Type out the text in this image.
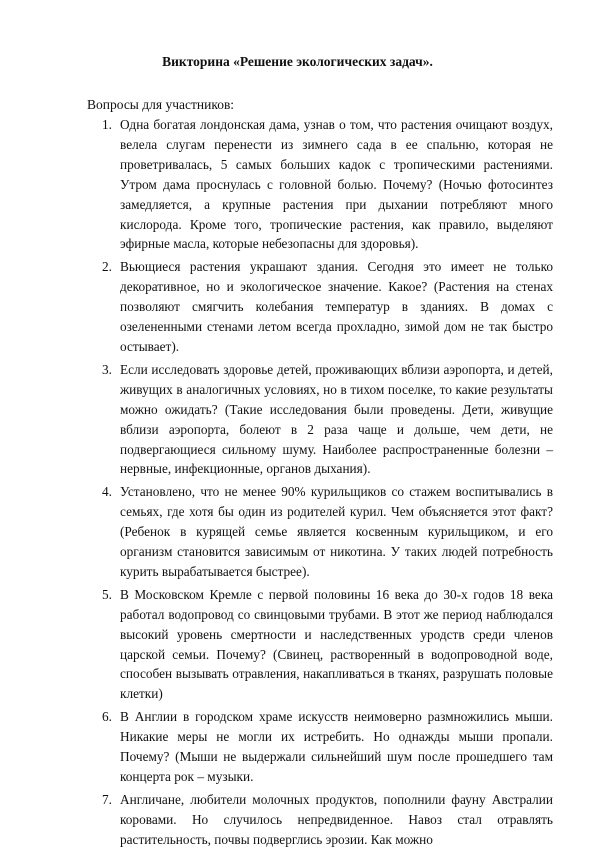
Викторина «Решение экологических задач».
Вопросы для участников:
1. Одна богатая лондонская дама, узнав о том, что растения очищают воздух, велела слугам перенести из зимнего сада в ее спальню, которая не проветривалась, 5 самых больших кадок с тропическими растениями. Утром дама проснулась с головной болью. Почему? (Ночью фотосинтез замедляется, а крупные растения при дыхании потребляют много кислорода. Кроме того, тропические растения, как правило, выделяют эфирные масла, которые небезопасны для здоровья).
2. Вьющиеся растения украшают здания. Сегодня это имеет не только декоративное, но и экологическое значение. Какое? (Растения на стенах позволяют смягчить колебания температур в зданиях. В домах с озелененными стенами летом всегда прохладно, зимой дом не так быстро остывает).
3. Если исследовать здоровье детей, проживающих вблизи аэропорта, и детей, живущих в аналогичных условиях, но в тихом поселке, то какие результаты можно ожидать? (Такие исследования были проведены. Дети, живущие вблизи аэропорта, болеют в 2 раза чаще и дольше, чем дети, не подвергающиеся сильному шуму. Наиболее распространенные болезни – нервные, инфекционные, органов дыхания).
4. Установлено, что не менее 90% курильщиков со стажем воспитывались в семьях, где хотя бы один из родителей курил. Чем объясняется этот факт? (Ребенок в курящей семье является косвенным курильщиком, и его организм становится зависимым от никотина. У таких людей потребность курить вырабатывается быстрее).
5. В Московском Кремле с первой половины 16 века до 30-х годов 18 века работал водопровод со свинцовыми трубами. В этот же период наблюдался высокий уровень смертности и наследственных уродств среди членов царской семьи. Почему? (Свинец, растворенный в водопроводной воде, способен вызывать отравления, накапливаться в тканях, разрушать половые клетки)
6. В Англии в городском храме искусств неимоверно размножились мыши. Никакие меры не могли их истребить. Но однажды мыши пропали. Почему? (Мыши не выдержали сильнейший шум после прошедшего там концерта рок – музыки.
7. Англичане, любители молочных продуктов, пополнили фауну Австралии коровами. Но случилось непредвиденное. Навоз стал отравлять растительность, почвы подверглись эрозии. Как можно
